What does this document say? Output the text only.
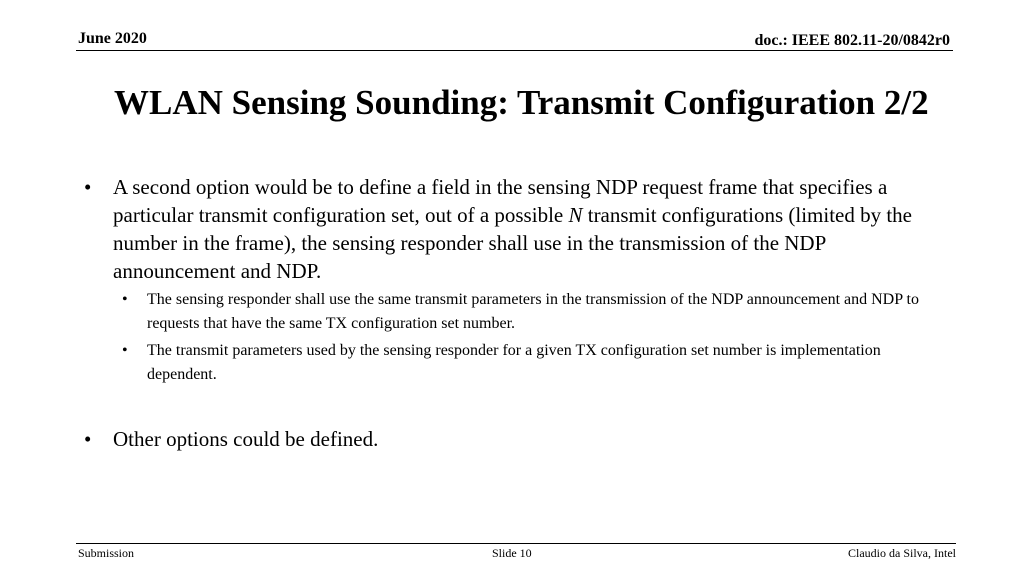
June 2020	doc.: IEEE 802.11-20/0842r0
WLAN Sensing Sounding: Transmit Configuration 2/2
• A second option would be to define a field in the sensing NDP request frame that specifies a particular transmit configuration set, out of a possible N transmit configurations (limited by the number in the frame), the sensing responder shall use in the transmission of the NDP announcement and NDP.
• The sensing responder shall use the same transmit parameters in the transmission of the NDP announcement and NDP to requests that have the same TX configuration set number.
• The transmit parameters used by the sensing responder for a given TX configuration set number is implementation dependent.
• Other options could be defined.
Submission	Slide 10	Claudio da Silva, Intel
